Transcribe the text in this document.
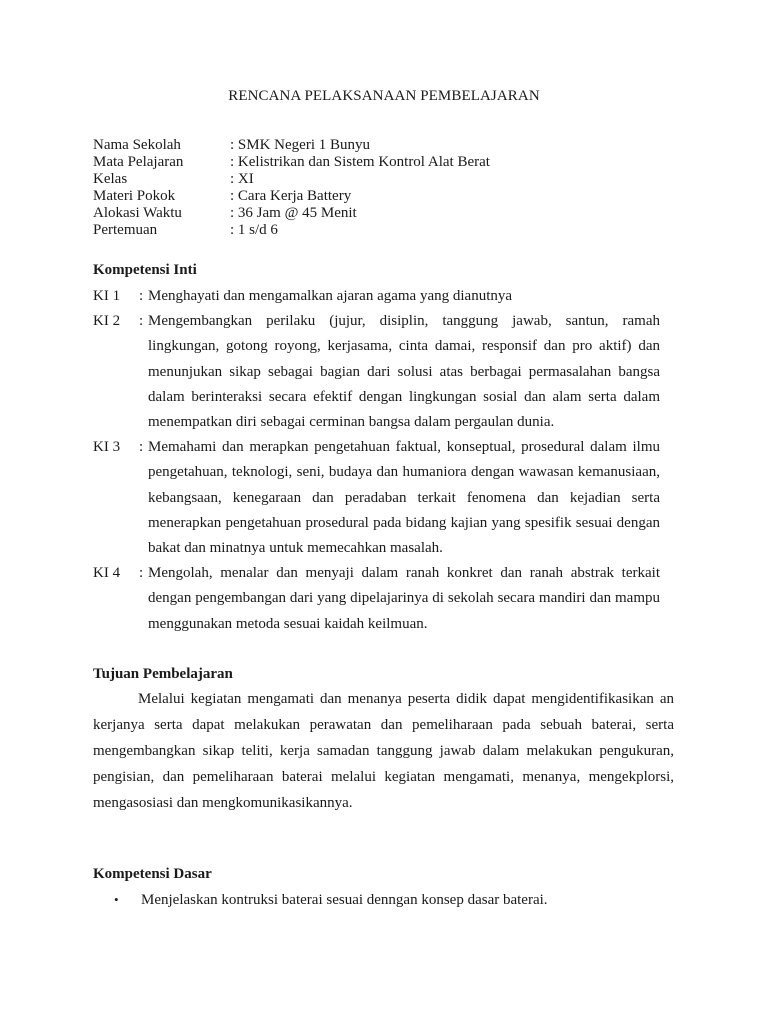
RENCANA PELAKSANAAN PEMBELAJARAN
Nama Sekolah	: SMK Negeri 1 Bunyu
Mata Pelajaran	: Kelistrikan dan Sistem Kontrol Alat Berat
Kelas	: XI
Materi Pokok	: Cara Kerja Battery
Alokasi Waktu	: 36 Jam @ 45 Menit
Pertemuan	: 1 s/d 6
Kompetensi Inti
KI 1 : Menghayati dan mengamalkan ajaran agama yang dianutnya
KI 2 : Mengembangkan perilaku (jujur, disiplin, tanggung jawab, santun, ramah lingkungan, gotong royong, kerjasama, cinta damai, responsif dan pro aktif) dan menunjukan sikap sebagai bagian dari solusi atas berbagai permasalahan bangsa dalam berinteraksi secara efektif dengan lingkungan sosial dan alam serta dalam menempatkan diri sebagai cerminan bangsa dalam pergaulan dunia.
KI 3 : Memahami dan merapkan pengetahuan faktual, konseptual, prosedural dalam ilmu pengetahuan, teknologi, seni, budaya dan humaniora dengan wawasan kemanusiaan, kebangsaan, kenegaraan dan peradaban terkait fenomena dan kejadian serta menerapkan pengetahuan prosedural pada bidang kajian yang spesifik sesuai dengan bakat dan minatnya untuk memecahkan masalah.
KI 4 : Mengolah, menalar dan menyaji dalam ranah konkret dan ranah abstrak terkait dengan pengembangan dari yang dipelajarinya di sekolah secara mandiri dan mampu menggunakan metoda sesuai kaidah keilmuan.
Tujuan Pembelajaran
Melalui kegiatan mengamati dan menanya peserta didik dapat mengidentifikasikan an kerjanya serta dapat melakukan perawatan dan pemeliharaan pada sebuah baterai, serta mengembangkan sikap teliti, kerja samadan tanggung jawab dalam melakukan pengukuran, pengisian, dan pemeliharaan baterai melalui kegiatan mengamati, menanya, mengekplorsi, mengasosiasi dan mengkomunikasikannya.
Kompetensi Dasar
• Menjelaskan kontruksi baterai sesuai denngan konsep dasar baterai.
